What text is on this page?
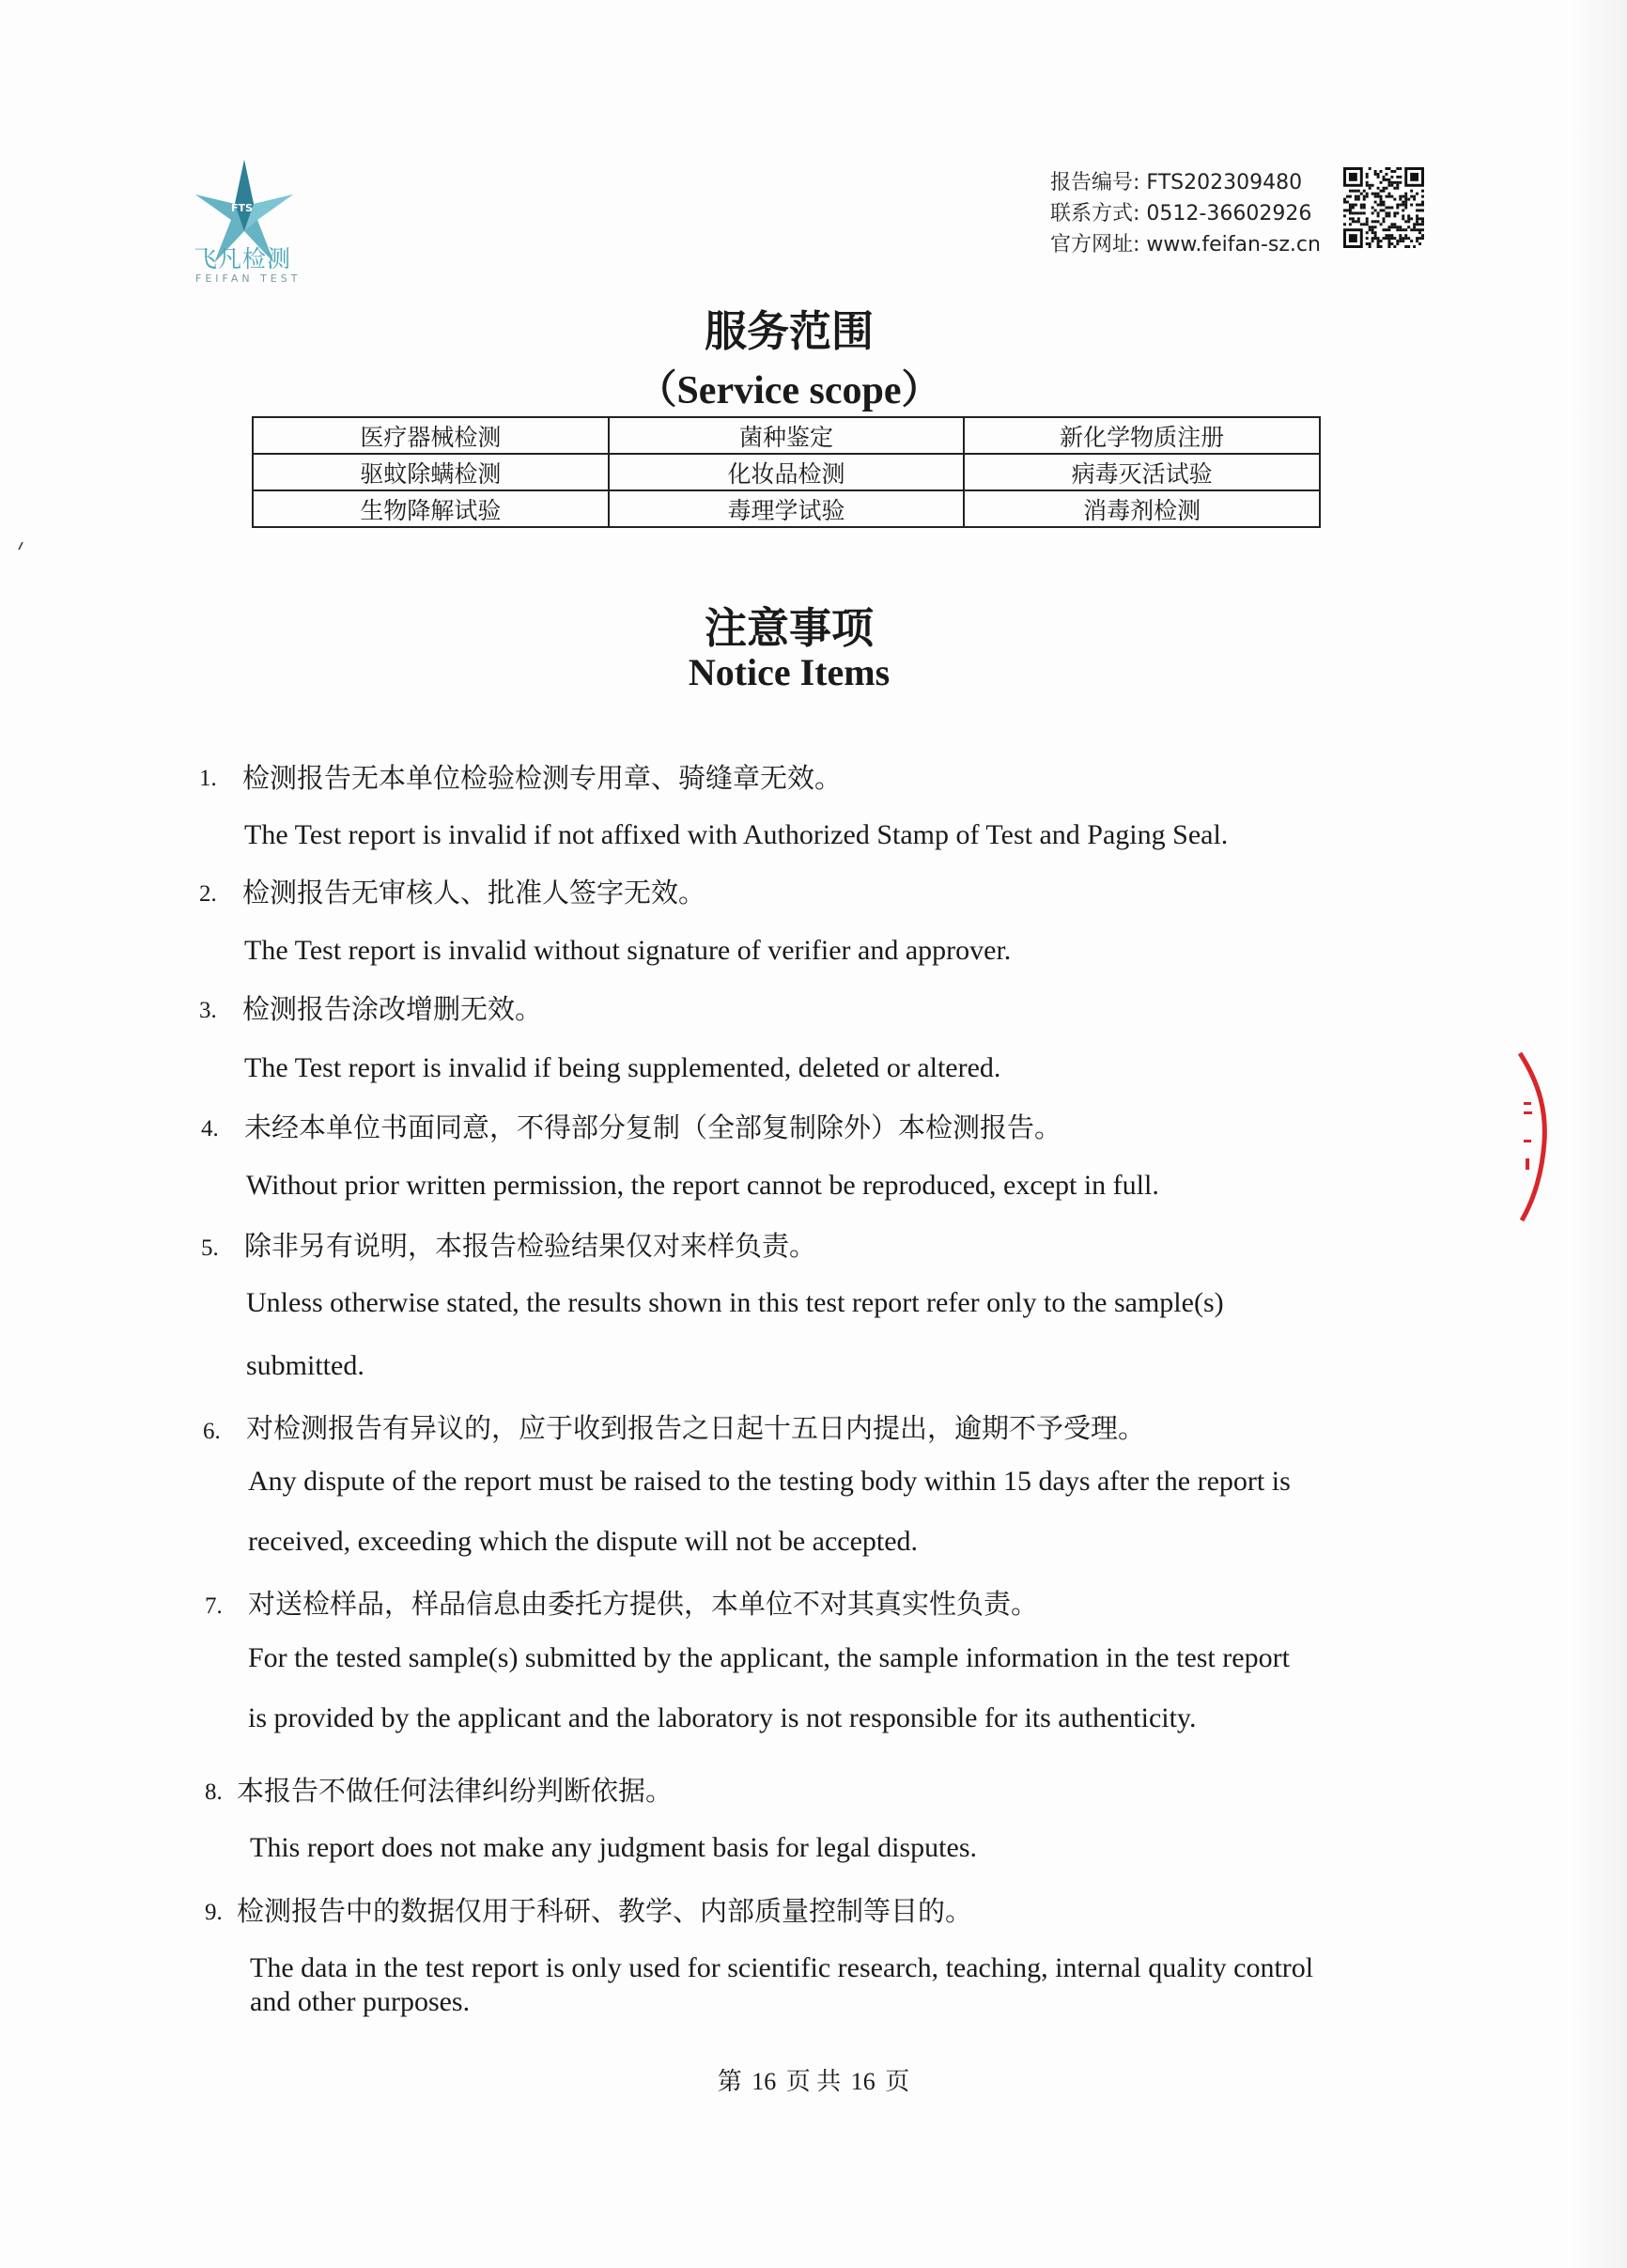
FTS
飞凡检测
FEIFAN TEST
报告编号: FTS202309480
联系方式: 0512-36602926
官方网址: www.feifan-sz.cn
服务范围
（Service scope）
医疗器械检测	菌种鉴定	新化学物质注册
驱蚊除螨检测	化妆品检测	病毒灭活试验
生物降解试验	毒理学试验	消毒剂检测
注意事项
Notice Items
1. 检测报告无本单位检验检测专用章、骑缝章无效。
The Test report is invalid if not affixed with Authorized Stamp of Test and Paging Seal.
2. 检测报告无审核人、批准人签字无效。
The Test report is invalid without signature of verifier and approver.
3. 检测报告涂改增删无效。
The Test report is invalid if being supplemented, deleted or altered.
4. 未经本单位书面同意，不得部分复制（全部复制除外）本检测报告。
Without prior written permission, the report cannot be reproduced, except in full.
5. 除非另有说明，本报告检验结果仅对来样负责。
Unless otherwise stated, the results shown in this test report refer only to the sample(s)
submitted.
6. 对检测报告有异议的，应于收到报告之日起十五日内提出，逾期不予受理。
Any dispute of the report must be raised to the testing body within 15 days after the report is
received, exceeding which the dispute will not be accepted.
7. 对送检样品，样品信息由委托方提供，本单位不对其真实性负责。
For the tested sample(s) submitted by the applicant, the sample information in the test report
is provided by the applicant and the laboratory is not responsible for its authenticity.
8. 本报告不做任何法律纠纷判断依据。
This report does not make any judgment basis for legal disputes.
9. 检测报告中的数据仅用于科研、教学、内部质量控制等目的。
The data in the test report is only used for scientific research, teaching, internal quality control
and other purposes.
第 16 页 共 16 页
